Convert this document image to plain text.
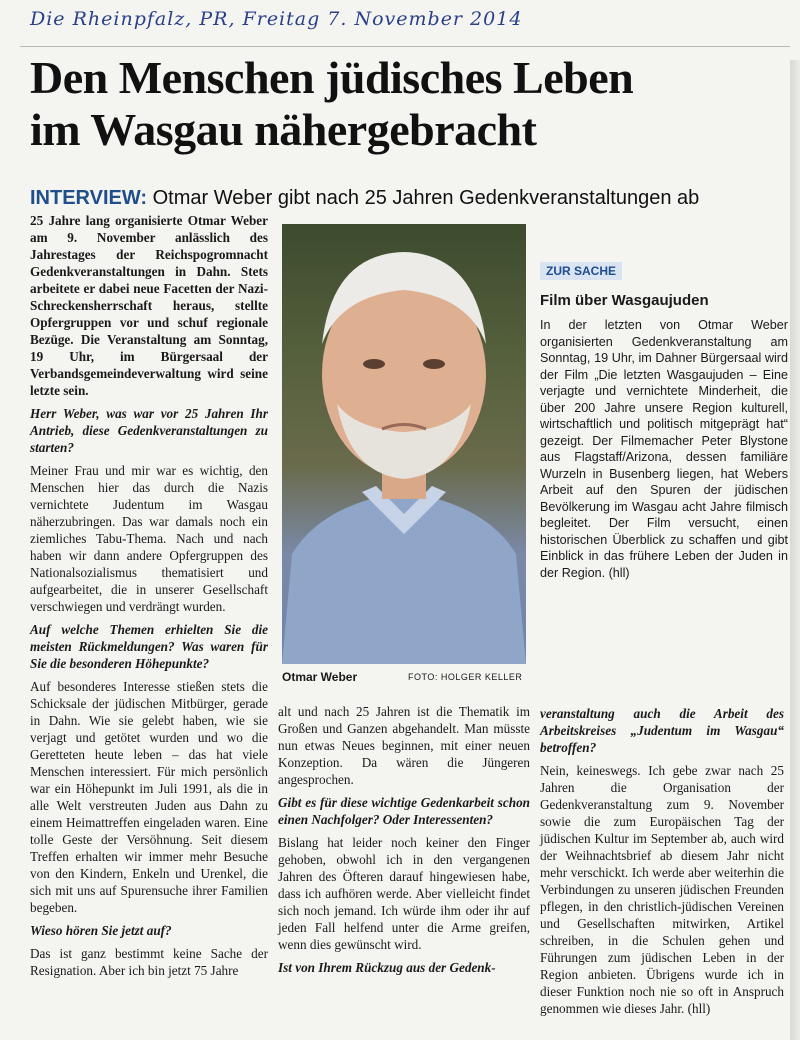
Die Rheinpfalz, PR, Freitag 7. November 2014
Den Menschen jüdisches Leben
im Wasgau nähergebracht

INTERVIEW: Otmar Weber gibt nach 25 Jahren Gedenkveranstaltungen ab

25 Jahre lang organisierte Otmar Weber am 9. November anlässlich des Jahrestages der Reichspogromnacht Gedenkveranstaltungen in Dahn. Stets arbeitete er dabei neue Facetten der Nazi-Schreckensherrschaft heraus, stellte Opfergruppen vor und schuf regionale Bezüge. Die Veranstaltung am Sonntag, 19 Uhr, im Bürgersaal der Verbandsgemeindeverwaltung wird seine letzte sein.

Herr Weber, was war vor 25 Jahren Ihr Antrieb, diese Gedenkveranstaltungen zu starten?

Meiner Frau und mir war es wichtig, den Menschen hier das durch die Nazis vernichtete Judentum im Wasgau näherzubringen. Das war damals noch ein ziemliches Tabu-Thema. Nach und nach haben wir dann andere Opfergruppen des Nationalsozialismus thematisiert und aufgearbeitet, die in unserer Gesellschaft verschwiegen und verdrängt wurden.

Auf welche Themen erhielten Sie die meisten Rückmeldungen? Was waren für Sie die besonderen Höhepunkte?

Auf besonderes Interesse stießen stets die Schicksale der jüdischen Mitbürger, gerade in Dahn. Wie sie gelebt haben, wie sie verjagt und getötet wurden und wo die Geretteten heute leben – das hat viele Menschen interessiert. Für mich persönlich war ein Höhepunkt im Juli 1991, als die in alle Welt verstreuten Juden aus Dahn zu einem Heimattreffen eingeladen waren. Eine tolle Geste der Versöhnung. Seit diesem Treffen erhalten wir immer mehr Besuche von den Kindern, Enkeln und Urenkel, die sich mit uns auf Spurensuche ihrer Familien begeben.

Wieso hören Sie jetzt auf?

Das ist ganz bestimmt keine Sache der Resignation. Aber ich bin jetzt 75 Jahre

Otmar Weber	FOTO: HOLGER KELLER
ZUR SACHE
Film über Wasgaujuden

In der letzten von Otmar Weber organisierten Gedenkveranstaltung am Sonntag, 19 Uhr, im Dahner Bürgersaal wird der Film „Die letzten Wasgaujuden – Eine verjagte und vernichtete Minderheit, die über 200 Jahre unsere Region kulturell, wirtschaftlich und politisch mitgeprägt hat“ gezeigt. Der Filmemacher Peter Blystone aus Flagstaff/Arizona, dessen familiäre Wurzeln in Busenberg liegen, hat Webers Arbeit auf den Spuren der jüdischen Bevölkerung im Wasgau acht Jahre filmisch begleitet. Der Film versucht, einen historischen Überblick zu schaffen und gibt Einblick in das frühere Leben der Juden in der Region. (hll)

alt und nach 25 Jahren ist die Thematik im Großen und Ganzen abgehandelt. Man müsste nun etwas Neues beginnen, mit einer neuen Konzeption. Da wären die Jüngeren angesprochen.

Gibt es für diese wichtige Gedenkarbeit schon einen Nachfolger? Oder Interessenten?

Bislang hat leider noch keiner den Finger gehoben, obwohl ich in den vergangenen Jahren des Öfteren darauf hingewiesen habe, dass ich aufhören werde. Aber vielleicht findet sich noch jemand. Ich würde ihm oder ihr auf jeden Fall helfend unter die Arme greifen, wenn dies gewünscht wird.

Ist von Ihrem Rückzug aus der Gedenk-

veranstaltung auch die Arbeit des Arbeitskreises „Judentum im Wasgau“ betroffen?

Nein, keineswegs. Ich gebe zwar nach 25 Jahren die Organisation der Gedenkveranstaltung zum 9. November sowie die zum Europäischen Tag der jüdischen Kultur im September ab, auch wird der Weihnachtsbrief ab diesem Jahr nicht mehr verschickt. Ich werde aber weiterhin die Verbindungen zu unseren jüdischen Freunden pflegen, in den christlich-jüdischen Vereinen und Gesellschaften mitwirken, Artikel schreiben, in die Schulen gehen und Führungen zum jüdischen Leben in der Region anbieten. Übrigens wurde ich in dieser Funktion noch nie so oft in Anspruch genommen wie dieses Jahr. (hll)
